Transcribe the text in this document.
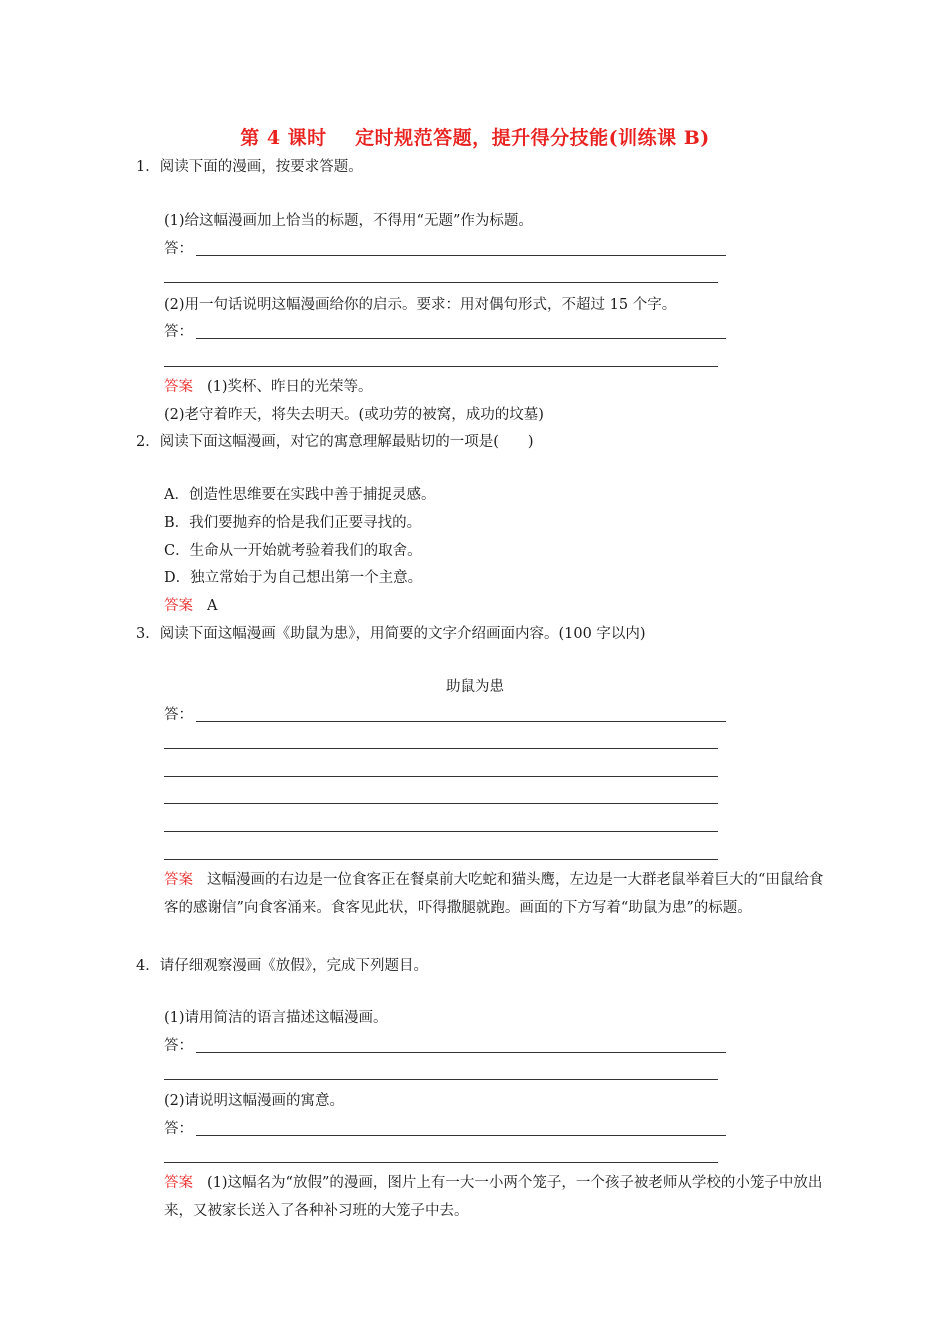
第 4 课时    定时规范答题，提升得分技能(训练课 B)
1．阅读下面的漫画，按要求答题。
(1)给这幅漫画加上恰当的标题，不得用“无题”作为标题。
答：
(2)用一句话说明这幅漫画给你的启示。要求：用对偶句形式，不超过 15 个字。
答：
答案 (1)奖杯、昨日的光荣等。
(2)老守着昨天，将失去明天。(或功劳的被窝，成功的坟墓)
2．阅读下面这幅漫画，对它的寓意理解最贴切的一项是(　　)
A．创造性思维要在实践中善于捕捉灵感。
B．我们要抛弃的恰是我们正要寻找的。
C．生命从一开始就考验着我们的取舍。
D．独立常始于为自己想出第一个主意。
答案 A
3．阅读下面这幅漫画《助鼠为患》，用简要的文字介绍画面内容。(100 字以内)
助鼠为患
答：
答案 这幅漫画的右边是一位食客正在餐桌前大吃蛇和猫头鹰，左边是一大群老鼠举着巨大的“田鼠给食客的感谢信”向食客涌来。食客见此状，吓得撒腿就跑。画面的下方写着“助鼠为患”的标题。
4．请仔细观察漫画《放假》，完成下列题目。
(1)请用简洁的语言描述这幅漫画。
答：
(2)请说明这幅漫画的寓意。
答：
答案 (1)这幅名为“放假”的漫画，图片上有一大一小两个笼子，一个孩子被老师从学校的小笼子中放出来，又被家长送入了各种补习班的大笼子中去。
